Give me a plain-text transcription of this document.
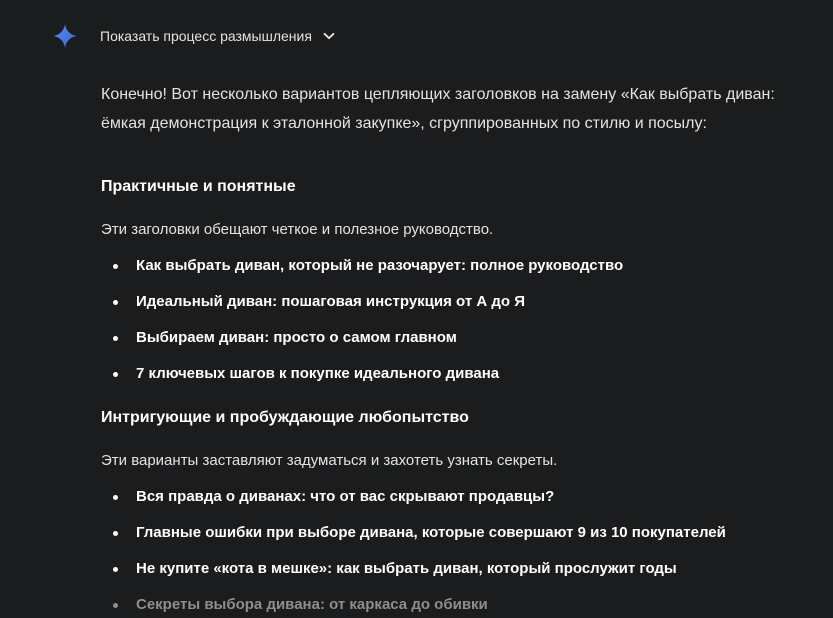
Показать процесс размышления

Конечно! Вот несколько вариантов цепляющих заголовков на замену «Как выбрать диван: ёмкая демонстрация к эталонной закупке», сгруппированных по стилю и посылу:

Практичные и понятные

Эти заголовки обещают четкое и полезное руководство.

Как выбрать диван, который не разочарует: полное руководство
Идеальный диван: пошаговая инструкция от А до Я
Выбираем диван: просто о самом главном
7 ключевых шагов к покупке идеального дивана
Интригующие и пробуждающие любопытство

Эти варианты заставляют задуматься и захотеть узнать секреты.

Вся правда о диванах: что от вас скрывают продавцы?
Главные ошибки при выборе дивана, которые совершают 9 из 10 покупателей
Не купите «кота в мешке»: как выбрать диван, который прослужит годы
Секреты выбора дивана: от каркаса до обивки
